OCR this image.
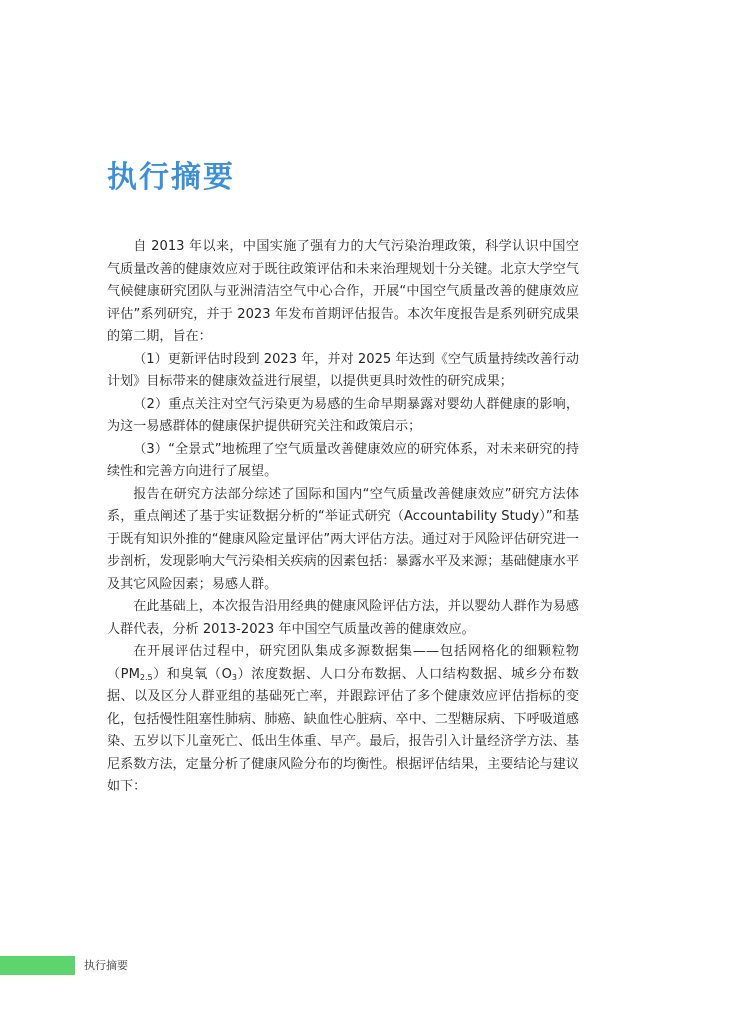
执行摘要

自 2013 年以来，中国实施了强有力的大气污染治理政策，科学认识中国空气质量改善的健康效应对于既往政策评估和未来治理规划十分关键。北京大学空气气候健康研究团队与亚洲清洁空气中心合作，开展“中国空气质量改善的健康效应评估”系列研究，并于 2023 年发布首期评估报告。本次年度报告是系列研究成果的第二期，旨在：

（1）更新评估时段到 2023 年，并对 2025 年达到《空气质量持续改善行动计划》目标带来的健康效益进行展望，以提供更具时效性的研究成果；

（2）重点关注对空气污染更为易感的生命早期暴露对婴幼人群健康的影响，为这一易感群体的健康保护提供研究关注和政策启示；

（3）“全景式”地梳理了空气质量改善健康效应的研究体系，对未来研究的持续性和完善方向进行了展望。

报告在研究方法部分综述了国际和国内“空气质量改善健康效应”研究方法体系，重点阐述了基于实证数据分析的“举证式研究（Accountability Study）”和基于既有知识外推的“健康风险定量评估”两大评估方法。通过对于风险评估研究进一步剖析，发现影响大气污染相关疾病的因素包括：暴露水平及来源；基础健康水平及其它风险因素；易感人群。

在此基础上，本次报告沿用经典的健康风险评估方法，并以婴幼人群作为易感人群代表，分析 2013-2023 年中国空气质量改善的健康效应。

在开展评估过程中，研究团队集成多源数据集——包括网格化的细颗粒物$(PM_{2.5})$和臭氧$(O_3)$浓度数据、人口分布数据、人口结构数据、城乡分布数据、以及区分人群亚组的基础死亡率，并跟踪评估了多个健康效应评估指标的变化，包括慢性阻塞性肺病、肺癌、缺血性心脏病、卒中、二型糖尿病、下呼吸道感染、五岁以下儿童死亡、低出生体重、早产。最后，报告引入计量经济学方法、基尼系数方法，定量分析了健康风险分布的均衡性。根据评估结果，主要结论与建议如下：

执行摘要
